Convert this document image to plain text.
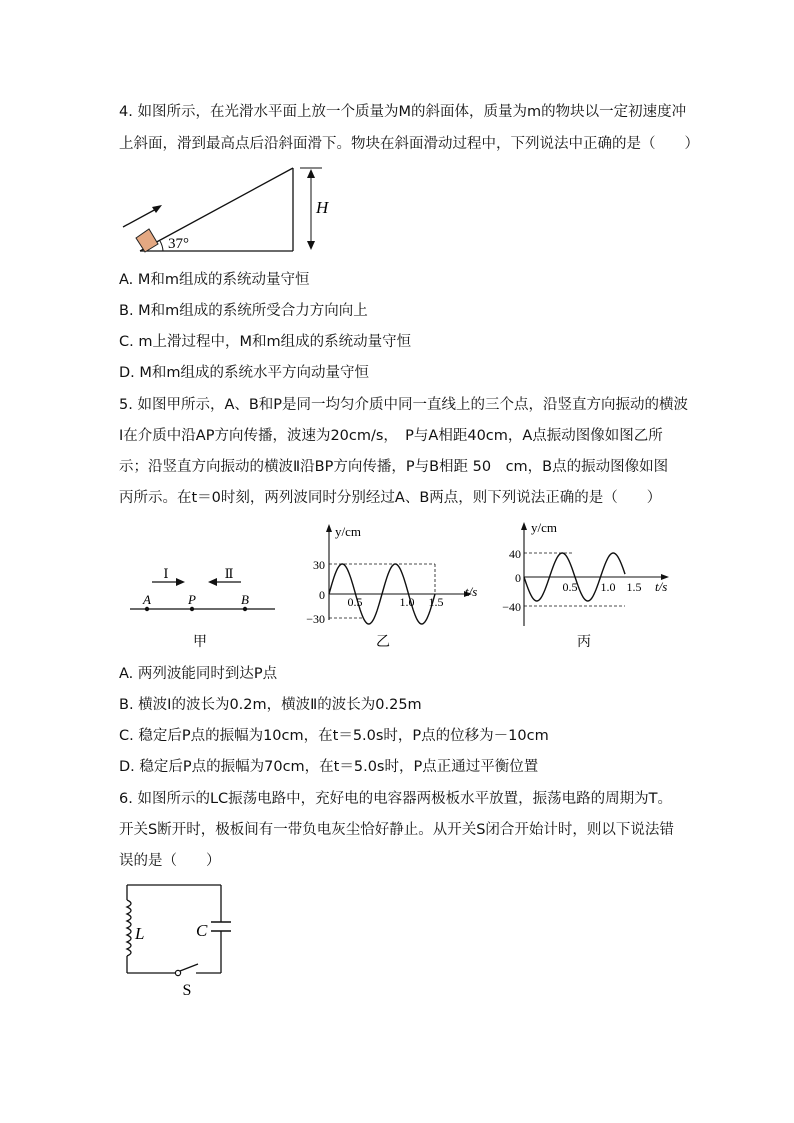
4. 如图所示，在光滑水平面上放一个质量为M的斜面体，质量为m的物块以一定初速度冲
上斜面，滑到最高点后沿斜面滑下。物块在斜面滑动过程中，下列说法中正确的是（　　）
37°
H
A. M和m组成的系统动量守恒
B. M和m组成的系统所受合力方向向上
C. m上滑过程中，M和m组成的系统动量守恒
D. M和m组成的系统水平方向动量守恒
5. 如图甲所示，A、B和P是同一均匀介质中同一直线上的三个点，沿竖直方向振动的横波
Ⅰ在介质中沿AP方向传播，波速为20cm/s，　P与A相距40cm，A点振动图像如图乙所
示；沿竖直方向振动的横波Ⅱ沿BP方向传播，P与B相距 50　cm，B点的振动图像如图
丙所示。在t＝0时刻，两列波同时分别经过A、B两点，则下列说法正确的是（　　）
Ⅰ	Ⅱ
A	P	B
甲
y/cm
t/s
30
0
−30
0.5	1.0 1.5
乙
y/cm
t/s
40
0
−40
0.5 1.0 1.5
丙
A. 两列波能同时到达P点
B. 横波Ⅰ的波长为0.2m，横波Ⅱ的波长为0.25m
C. 稳定后P点的振幅为10cm，在t＝5.0s时，P点的位移为－10cm
D. 稳定后P点的振幅为70cm，在t＝5.0s时，P点正通过平衡位置
6. 如图所示的LC振荡电路中，充好电的电容器两极板水平放置，振荡电路的周期为T。
开关S断开时，极板间有一带负电灰尘恰好静止。从开关S闭合开始计时，则以下说法错
误的是（　　）
L	C
S
